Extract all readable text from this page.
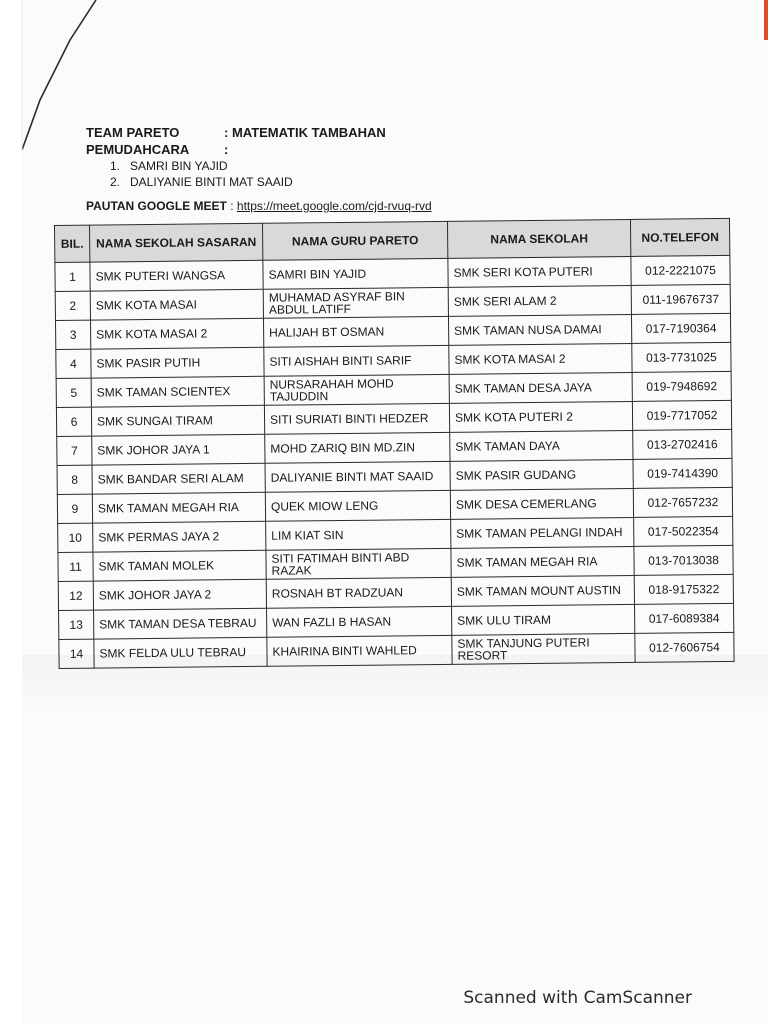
TEAM PARETO	: MATEMATIK TAMBAHAN
PEMUDAHCARA	:
1. SAMRI BIN YAJID
2. DALIYANIE BINTI MAT SAAID
PAUTAN GOOGLE MEET : https://meet.google.com/cjd-rvuq-rvd
BIL.	NAMA SEKOLAH SASARAN	NAMA GURU PARETO	NAMA SEKOLAH	NO.TELEFON
1	SMK PUTERI WANGSA	SAMRI BIN YAJID	SMK SERI KOTA PUTERI	012-2221075
2	SMK KOTA MASAI	MUHAMAD ASYRAF BIN ABDUL LATIFF	SMK SERI ALAM 2	011-19676737
3	SMK KOTA MASAI 2	HALIJAH BT OSMAN	SMK TAMAN NUSA DAMAI	017-7190364
4	SMK PASIR PUTIH	SITI AISHAH BINTI SARIF	SMK KOTA MASAI 2	013-7731025
5	SMK TAMAN SCIENTEX	NURSARAHAH MOHD TAJUDDIN	SMK TAMAN DESA JAYA	019-7948692
6	SMK SUNGAI TIRAM	SITI SURIATI BINTI HEDZER	SMK KOTA PUTERI 2	019-7717052
7	SMK JOHOR JAYA 1	MOHD ZARIQ BIN MD.ZIN	SMK TAMAN DAYA	013-2702416
8	SMK BANDAR SERI ALAM	DALIYANIE BINTI MAT SAAID	SMK PASIR GUDANG	019-7414390
9	SMK TAMAN MEGAH RIA	QUEK MIOW LENG	SMK DESA CEMERLANG	012-7657232
10	SMK PERMAS JAYA 2	LIM KIAT SIN	SMK TAMAN PELANGI INDAH	017-5022354
11	SMK TAMAN MOLEK	SITI FATIMAH BINTI ABD RAZAK	SMK TAMAN MEGAH RIA	013-7013038
12	SMK JOHOR JAYA 2	ROSNAH BT RADZUAN	SMK TAMAN MOUNT AUSTIN	018-9175322
13	SMK TAMAN DESA TEBRAU	WAN FAZLI B HASAN	SMK ULU TIRAM	017-6089384
14	SMK FELDA ULU TEBRAU	KHAIRINA BINTI WAHLED	SMK TANJUNG PUTERI RESORT	012-7606754
Scanned with CamScanner
